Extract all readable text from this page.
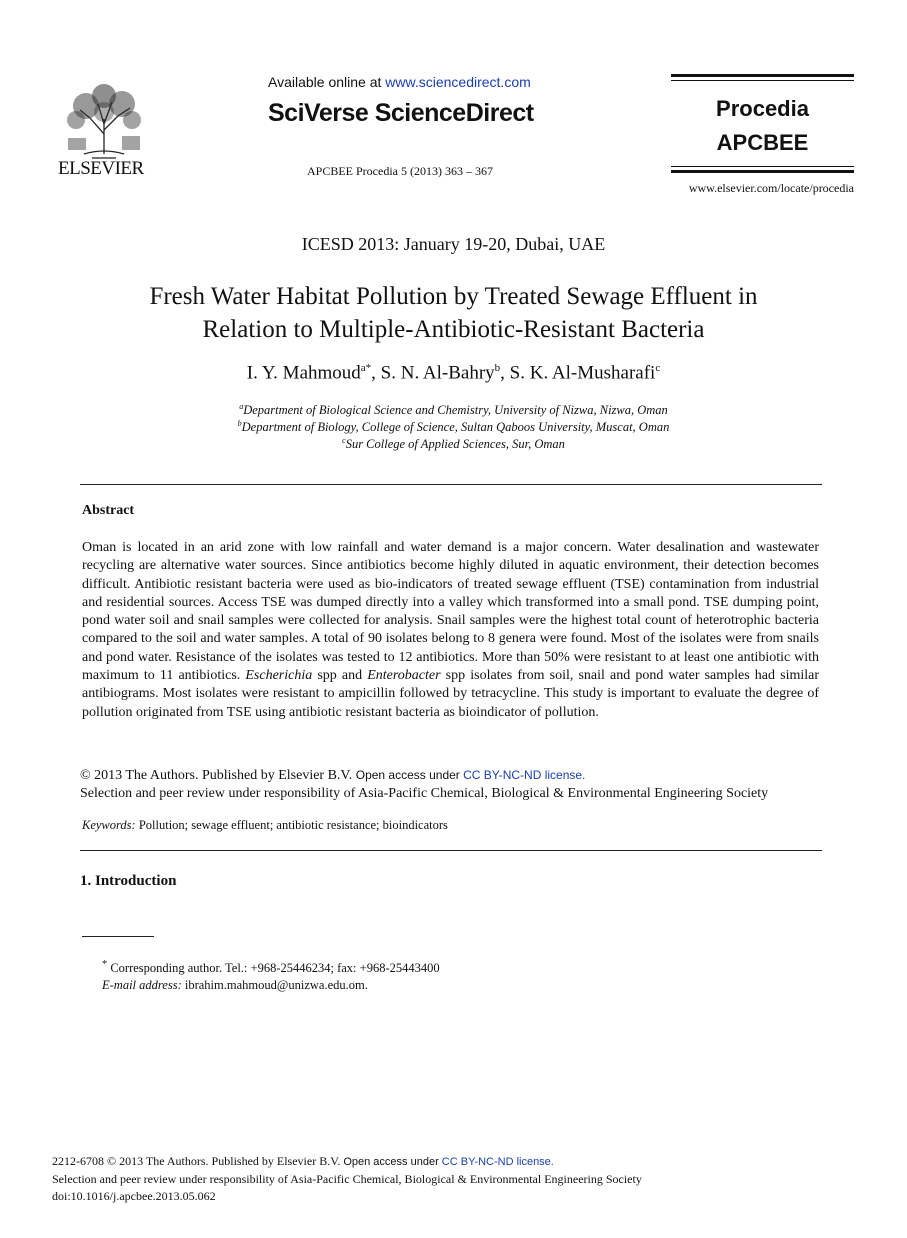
ELSEVIER
Available online at www.sciencedirect.com
SciVerse ScienceDirect
APCBEE Procedia 5 (2013) 363 – 367
Procedia
APCBEE
www.elsevier.com/locate/procedia
ICESD 2013: January 19-20, Dubai, UAE
Fresh Water Habitat Pollution by Treated Sewage Effluent in
Relation to Multiple-Antibiotic-Resistant Bacteria
I. Y. Mahmoud$^{a*}$, S. N. Al-Bahry$^b$, S. K. Al-Musharafi$^c$
$^a$Department of Biological Science and Chemistry, University of Nizwa, Nizwa, Oman
$^b$Department of Biology, College of Science, Sultan Qaboos University, Muscat, Oman
$^c$Sur College of Applied Sciences, Sur, Oman
Abstract
Oman is located in an arid zone with low rainfall and water demand is a major concern. Water desalination and wastewater recycling are alternative water sources. Since antibiotics become highly diluted in aquatic environment, their detection becomes difficult. Antibiotic resistant bacteria were used as bio-indicators of treated sewage effluent (TSE) contamination from industrial and residential sources. Access TSE was dumped directly into a valley which transformed into a small pond. TSE dumping point, pond water soil and snail samples were collected for analysis. Snail samples were the highest total count of heterotrophic bacteria compared to the soil and water samples. A total of 90 isolates belong to 8 genera were found. Most of the isolates were from snails and pond water. Resistance of the isolates was tested to 12 antibiotics. More than 50% were resistant to at least one antibiotic with maximum to 11 antibiotics. Escherichia spp and Enterobacter spp isolates from soil, snail and pond water samples had similar antibiograms. Most isolates were resistant to ampicillin followed by tetracycline. This study is important to evaluate the degree of pollution originated from TSE using antibiotic resistant bacteria as bioindicator of pollution.
© 2013 The Authors. Published by Elsevier B.V. Open access under CC BY-NC-ND license.
Selection and peer review under responsibility of Asia-Pacific Chemical, Biological & Environmental Engineering Society
Keywords: Pollution; sewage effluent; antibiotic resistance; bioindicators
1. Introduction
* Corresponding author. Tel.: +968-25446234; fax: +968-25443400
E-mail address: ibrahim.mahmoud@unizwa.edu.om.
2212-6708 © 2013 The Authors. Published by Elsevier B.V. Open access under CC BY-NC-ND license.
Selection and peer review under responsibility of Asia-Pacific Chemical, Biological & Environmental Engineering Society
doi:10.1016/j.apcbee.2013.05.062
